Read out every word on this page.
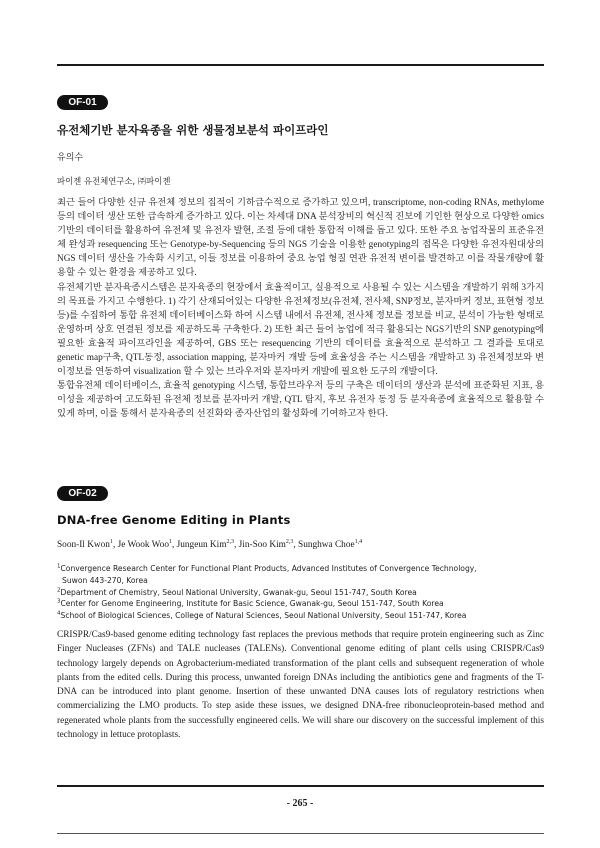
OF-01
유전체기반 분자육종을 위한 생물정보분석 파이프라인
유의수
파이젠 유전체연구소, ㈜파이젠

최근 들어 다양한 신규 유전체 정보의 집적이 기하급수적으로 증가하고 있으며, transcriptome, non-coding RNAs, methylome 등의 데이터 생산 또한 급속하게 증가하고 있다. 이는 차세대 DNA 분석장비의 혁신적 진보에 기인한 현상으로 다양한 omics기반의 데이터를 활용하여 유전체 및 유전자 발현, 조절 등에 대한 통합적 이해를 돕고 있다. 또한 주요 농업작물의 표준유전체 완성과 resequencing 또는 Genotype-by-Sequencing 등의 NGS 기술을 이용한 genotyping의 접목은 다양한 유전자원대상의 NGS 데이터 생산을 가속화 시키고, 이들 정보를 이용하여 중요 농업 형질 연관 유전적 변이를 발견하고 이를 작물개량에 활용할 수 있는 환경을 제공하고 있다.

유전체기반 분자육종시스템은 분자육종의 현장에서 효율적이고, 실용적으로 사용될 수 있는 시스템을 개발하기 위해 3가지의 목표를 가지고 수행한다. 1) 각기 산재되어있는 다양한 유전체정보(유전체, 전사체, SNP정보, 분자마커 정보, 표현형 정보 등)를 수집하여 통합 유전체 데이터베이스화 하여 시스템 내에서 유전체, 전사체 정보를 정보를 비교, 분석이 가능한 형태로 운영하며 상호 연결된 정보를 제공하도록 구축한다. 2) 또한 최근 들어 농업에 적극 활용되는 NGS기반의 SNP genotyping에 필요한 효율적 파이프라인을 제공하여, GBS 또는 resequencing 기반의 데이터를 효율적으로 분석하고 그 결과를 토대로 genetic map구축, QTL동정, association mapping, 분자마커 개발 등에 효율성을 주는 시스템을 개발하고 3) 유전체정보와 변이정보를 연동하여 visualization 할 수 있는 브라우저와 분자마커 개발에 필요한 도구의 개발이다.

통합유전체 데이터베이스, 효율적 genotyping 시스템, 통합브라우저 등의 구축은 데이터의 생산과 분석에 표준화된 지표, 용이성을 제공하여 고도화된 유전체 정보를 분자마커 개발, QTL 탐지, 후보 유전자 동정 등 분자육종에 효율적으로 활용할 수 있게 하며, 이를 통해서 분자육종의 선진화와 종자산업의 활성화에 기여하고자 한다.

OF-02
DNA-free Genome Editing in Plants
Soon-Il Kwon$^1$, Je Wook Woo$^1$, Jungeun Kim$^{2,3}$, Jin-Soo Kim$^{2,3}$, Sunghwa Choe$^{1,4}$
$^1$Convergence Research Center for Functional Plant Products, Advanced Institutes of Convergence Technology,
Suwon 443-270, Korea
$^2$Department of Chemistry, Seoul National University, Gwanak-gu, Seoul 151-747, South Korea
$^3$Center for Genome Engineering, Institute for Basic Science, Gwanak-gu, Seoul 151-747, South Korea
$^4$School of Biological Sciences, College of Natural Sciences, Seoul National University, Seoul 151-747, Korea

CRISPR/Cas9-based genome editing technology fast replaces the previous methods that require protein engineering such as Zinc Finger Nucleases (ZFNs) and TALE nucleases (TALENs). Conventional genome editing of plant cells using CRISPR/Cas9 technology largely depends on Agrobacterium-mediated transformation of the plant cells and subsequent regeneration of whole plants from the edited cells. During this process, unwanted foreign DNAs including the antibiotics gene and fragments of the T-DNA can be introduced into plant genome. Insertion of these unwanted DNA causes lots of regulatory restrictions when commercializing the LMO products. To step aside these issues, we designed DNA-free ribonucleoprotein-based method and regenerated whole plants from the successfully engineered cells. We will share our discovery on the successful implement of this technology in lettuce protoplasts.

- 265 -
